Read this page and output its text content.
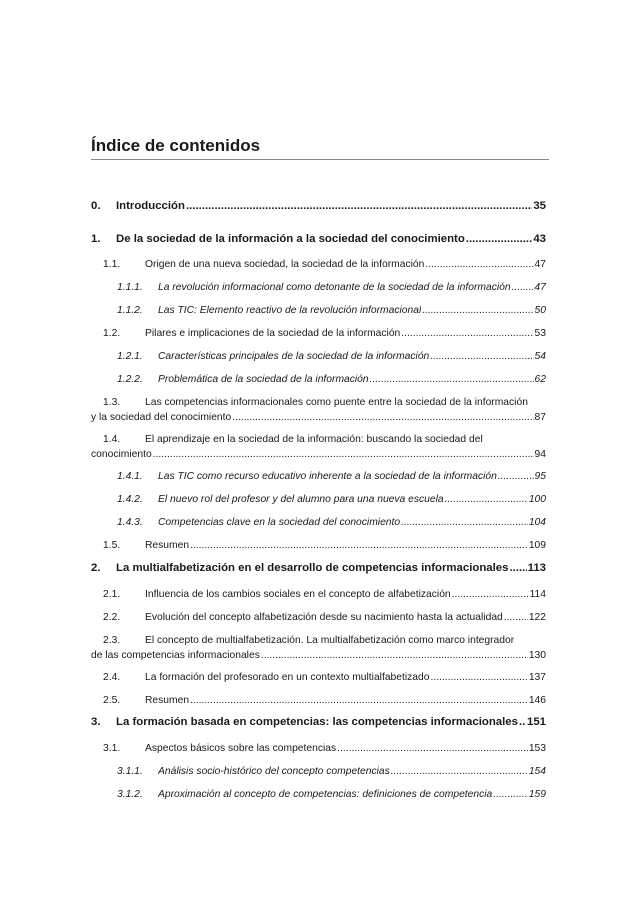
Índice de contenidos
0.	Introducción .....	35
1.	De la sociedad de la información a la sociedad del conocimiento .....	43
1.1.	Origen de una nueva sociedad, la sociedad de la información .....	47
1.1.1.	La revolución informacional como detonante de la sociedad de la información ..... 47
1.1.2.	Las TIC: Elemento reactivo de la revolución informacional .....	50
1.2.	Pilares e implicaciones de la sociedad de la información .....	53
1.2.1.	Características principales de la sociedad de la información .....	54
1.2.2.	Problemática de la sociedad de la información .....	62
1.3. Las competencias informacionales como puente entre la sociedad de la información
y la sociedad del conocimiento .....	87
1.4. El aprendizaje en la sociedad de la información: buscando la sociedad del
conocimiento .....	94
1.4.1.	Las TIC como recurso educativo inherente a la sociedad de la información .....	95
1.4.2.	El nuevo rol del profesor y del alumno para una nueva escuela .....	100
1.4.3.	Competencias clave en la sociedad del conocimiento .....	104
1.5.	Resumen .....	109
2.	La multialfabetización en el desarrollo de competencias informacionales ..... 113
2.1.	Influencia de los cambios sociales en el concepto de alfabetización .....	114
2.2.	Evolución del concepto alfabetización desde su nacimiento hasta la actualidad .....	122
2.3. El concepto de multialfabetización. La multialfabetización como marco integrador
de las competencias informacionales .....	130
2.4.	La formación del profesorado en un contexto multialfabetizado .....	137
2.5.	Resumen .....	146
3.	La formación basada en competencias: las competencias informacionales ..... 151
3.1.	Aspectos básicos sobre las competencias .....	153
3.1.1.	Análisis socio-histórico del concepto competencias .....	154
3.1.2.	Aproximación al concepto de competencias: definiciones de competencia .....	159
